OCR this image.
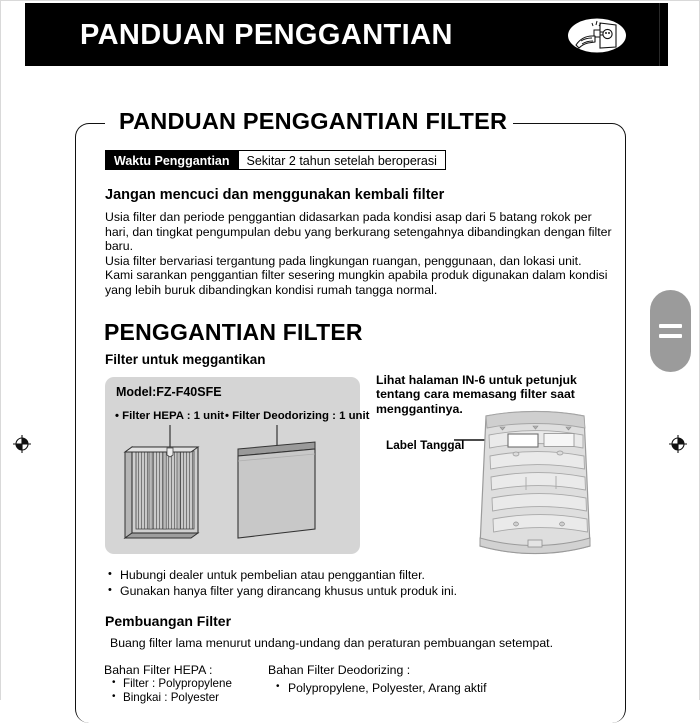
PANDUAN PENGGANTIAN
PANDUAN PENGGANTIAN FILTER
Waktu Penggantian	Sekitar 2 tahun setelah beroperasi
Jangan mencuci dan menggunakan kembali filter

Usia filter dan periode penggantian didasarkan pada kondisi asap dari 5 batang rokok per hari, dan tingkat pengumpulan debu yang berkurang setengahnya dibandingkan dengan filter baru.

Usia filter bervariasi tergantung pada lingkungan ruangan, penggunaan, dan lokasi unit.

Kami sarankan penggantian filter sesering mungkin apabila produk digunakan dalam kondisi yang lebih buruk dibandingkan kondisi rumah tangga normal.

PENGGANTIAN FILTER
Filter untuk meggantikan
Model:FZ-F40SFE
• Filter HEPA : 1 unit • Filter Deodorizing : 1 unit
Lihat halaman IN-6 untuk petunjuk tentang cara memasang filter saat menggantinya.
Label Tanggal
• Hubungi dealer untuk pembelian atau penggantian filter.
• Gunakan hanya filter yang dirancang khusus untuk produk ini.
Pembuangan Filter
Buang filter lama menurut undang-undang dan peraturan pembuangan setempat.
Bahan Filter HEPA :
• Filter : Polypropylene
• Bingkai : Polyester
Bahan Filter Deodorizing :
• Polypropylene, Polyester, Arang aktif
